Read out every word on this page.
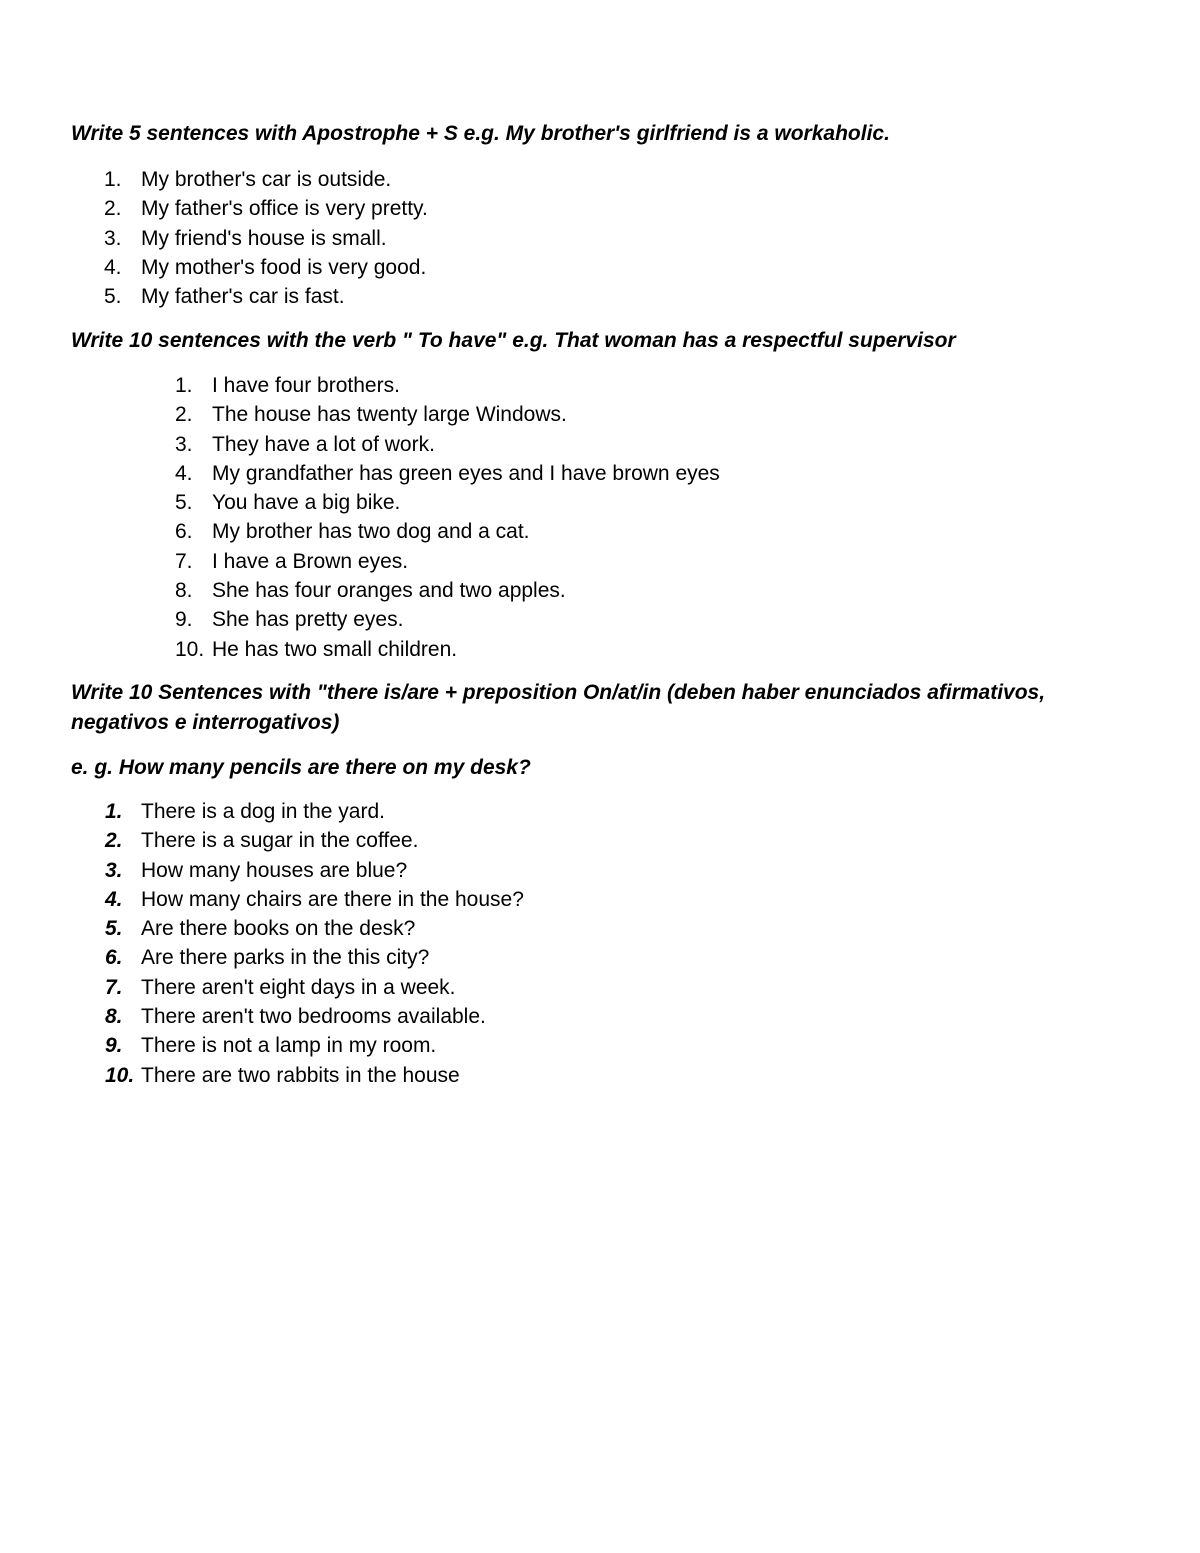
Write 5 sentences with Apostrophe + S e.g. My brother's girlfriend is a workaholic.

1. My brother's car is outside.
2. My father's office is very pretty.
3. My friend's house is small.
4. My mother's food is very good.
5. My father's car is fast.

Write 10 sentences with the verb " To have" e.g. That woman has a respectful supervisor

1. I have four brothers.
2. The house has twenty large Windows.
3. They have a lot of work.
4. My grandfather has green eyes and I have brown eyes
5. You have a big bike.
6. My brother has two dog and a cat.
7. I have a Brown eyes.
8. She has four oranges and two apples.
9. She has pretty eyes.
10. He has two small children.

Write 10 Sentences with "there is/are + preposition On/at/in (deben haber enunciados afirmativos, negativos e interrogativos)

e. g. How many pencils are there on my desk?

1. There is a dog in the yard.
2. There is a sugar in the coffee.
3. How many houses are blue?
4. How many chairs are there in the house?
5. Are there books on the desk?
6. Are there parks in the this city?
7. There aren't eight days in a week.
8. There aren't two bedrooms available.
9. There is not a lamp in my room.
10. There are two rabbits in the house
